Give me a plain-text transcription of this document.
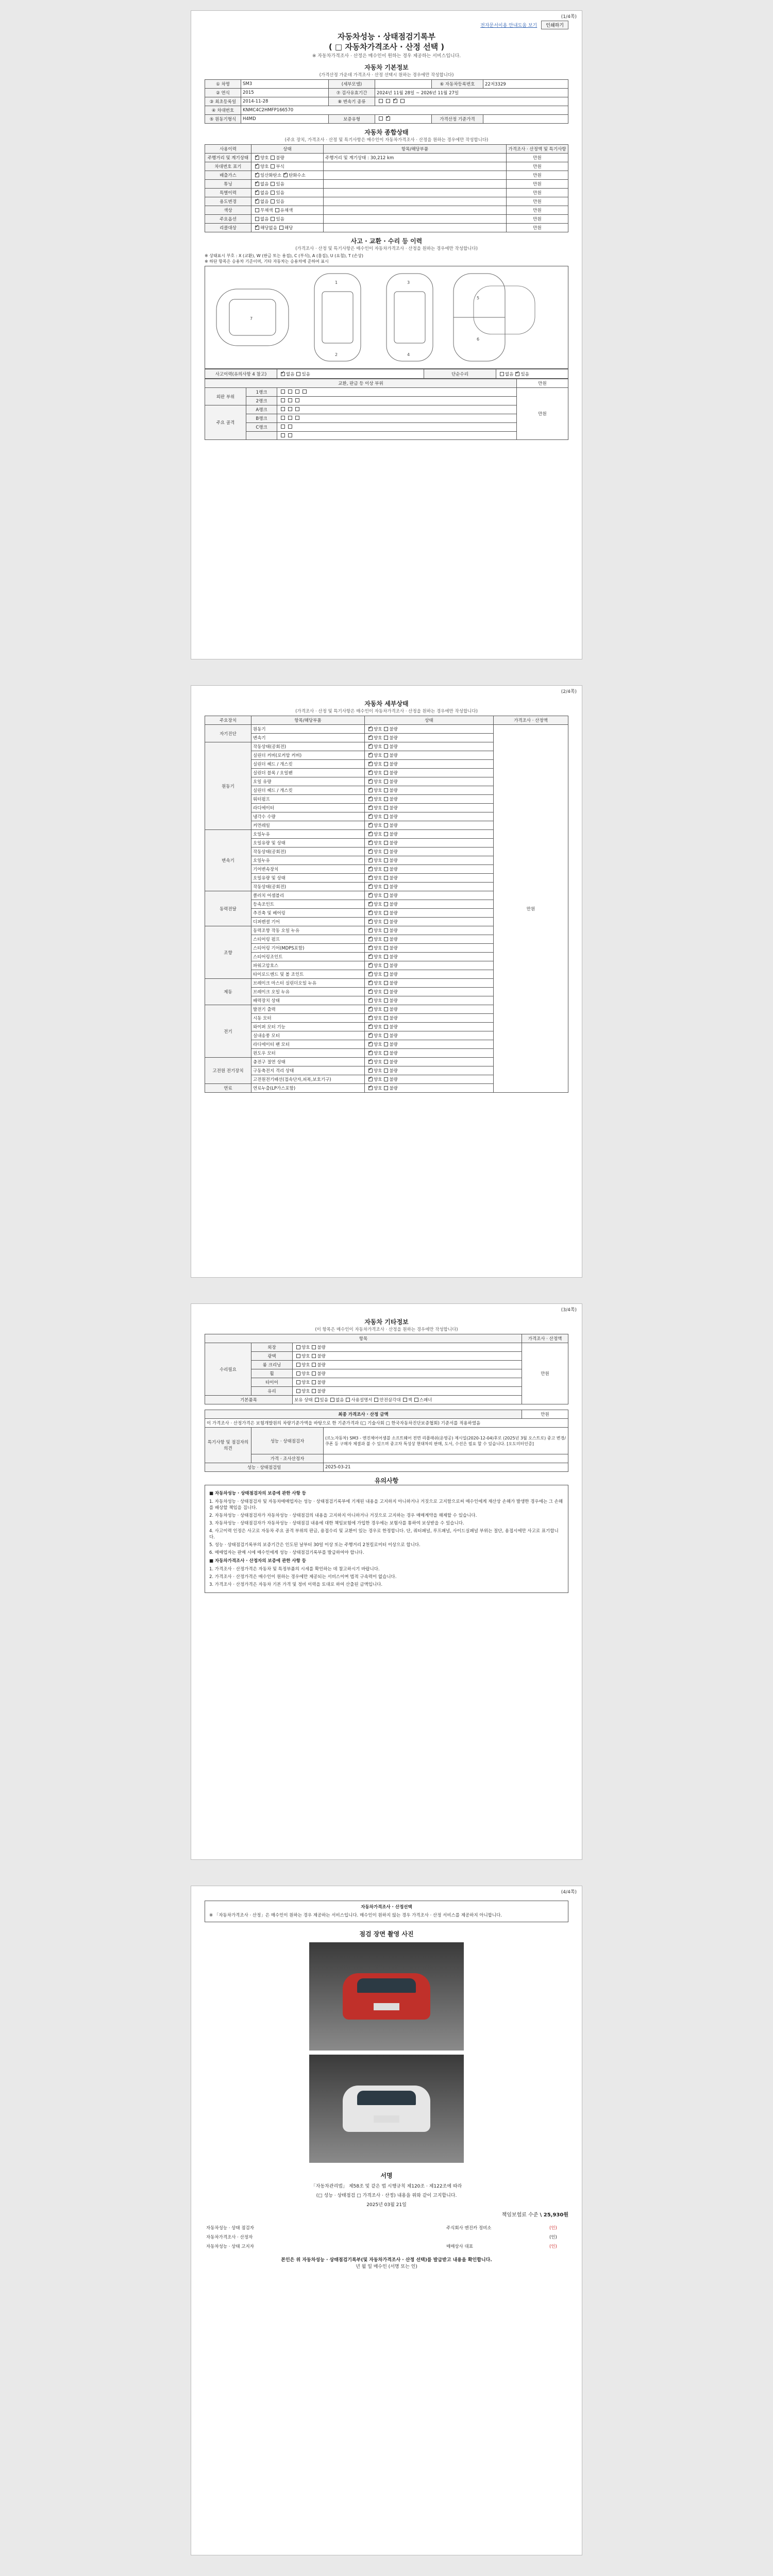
(1/4쪽)
전자문서이용 안내도움 보기	인쇄하기
자동차성능 · 상태점검기록부
( □ 자동차가격조사 · 산정 선택 )
※ 자동차가격조사 · 산정은 매수인이 원하는 경우 제공하는 서비스입니다.
자동차 기본정보
(가격산정 가운데 가격조사 · 산정 선택시 원하는 경우에만 작성합니다)
① 차명	SM3	(세부모델)		⑥ 자동차등록번호	22저3329
② 연식	2015	⑦ 검사유효기간	2024년 11월 28일 ~ 2026년 11월 27일		
③ 최초등록일	2014-11-28	⑧ 변속기 종류	✓
④ 차대번호	KNMC4C2HMFP166570				
⑤ 원동기형식	H4MD	보증유형	✓	가격산정 기준가격	
자동차 종합상태
(주요 장치, 가격조사 · 산정 및 특기사항은 매수인이 자동차가격조사 · 산정을 원하는 경우에만 작성합니다)
사용이력	상태	항목/해당부품	가격조사 · 산정액 및 특기사항
주행거리 및 계기상태	✓양호 불량	주행거리 및 계기상태 : 30,212 km	만원
차대번호 표기	✓양호 부식		만원
배출가스	✓일산화탄소 ✓ 탄화수소		만원
튜닝	✓없음 있음		만원
특별이력	✓없음 있음		만원
용도변경	✓없음 있음		만원
색상	무채색 유채색		만원
주요옵션	없음 있음		만원
리콜대상	✓해당없음 해당		만원
사고 · 교환 · 수리 등 이력
(가격조사 · 산정 및 특기사항은 매수인이 자동차가격조사 · 산정을 원하는 경우에만 작성합니다)
※ 상태표시 부호 : X (교환), W (판금 또는 용접), C (부식), A (흠집), U (요철), T (손상)
※ 하단 항목은 승용차 기준이며, 기타 자동차는 승용차에 준하여 표시
1
2
3
4
5
6
7
사고이력(유의사항 4 참고)	✓없음 있음	단순수리	없음 ✓ 있음
교환, 판금 등 이상 부위			만원
외판 부위	1랭크		만원
	2랭크		
주요 골격	A랭크		
	B랭크		
	C랭크		

(2/4쪽)
자동차 세부상태
(가격조사 · 산정 및 특기사항은 매수인이 자동차가격조사 · 산정을 원하는 경우에만 작성합니다)
주요장치	항목/해당부품	상태	가격조사 · 산정액
자기진단	원동기	✓양호 불량	만원
	변속기	✓양호 불량
원동기	작동상태(공회전)	✓양호 불량
	실린더 커버(로커암 커버)	✓양호 불량
	실린더 헤드 / 개스킷	✓양호 불량
	실린더 블록 / 오일팬	✓양호 불량
	오일 유량	✓양호 불량
	실린더 헤드 / 개스킷	✓양호 불량
	워터펌프	✓양호 불량
	라디에이터	✓양호 불량
	냉각수 수량	✓양호 불량
	커먼레일	✓양호 불량
변속기	오일누유	✓양호 불량
	오일유량 및 상태	✓양호 불량
	작동상태(공회전)	✓양호 불량
	오일누유	✓양호 불량
	기어변속장치	✓양호 불량
	오일유량 및 상태	✓양호 불량
	작동상태(공회전)	✓양호 불량
동력전달	클러치 어셈블리	✓양호 불량
	등속조인트	✓양호 불량
	추진축 및 베어링	✓양호 불량
	디퍼렌셜 기어	✓양호 불량
조향	동력조향 작동 오일 누유	✓양호 불량
	스티어링 펌프	✓양호 불량
	스티어링 기어(MDPS포함)	✓양호 불량
	스티어링조인트	✓양호 불량
	파워고압호스	✓양호 불량
	타이로드엔드 및 볼 조인트	✓양호 불량
제동	브레이크 마스터 실린더오일 누유	✓양호 불량
	브레이크 오일 누유	✓양호 불량
	배력장치 상태	✓양호 불량
전기	발전기 출력	✓양호 불량
	시동 모터	✓양호 불량
	와이퍼 모터 기능	✓양호 불량
	실내송풍 모터	✓양호 불량
	라디에이터 팬 모터	✓양호 불량
	윈도우 모터	✓양호 불량
고전원 전기장치	충전구 절연 상태	✓양호 불량
	구동축전지 격리 상태	✓양호 불량
	고전원전기배선(접속단자,피복,보호기구)	✓양호 불량
연료	연료누출(LP가스포함)	✓양호 불량
(3/4쪽)
자동차 기타정보
(이 항목은 매수인이 자동차가격조사 · 산정을 원하는 경우에만 작성합니다)
항목			가격조사 · 산정액
수리필요	외장	양호 불량	만원
	광택	양호 불량	
	룸 크리닝	양호 불량	
	휠	양호 불량	
	타이어	양호 불량	
	유리	양호 불량	
기본품목		보유 상태 있음 없음 사용설명서 안전삼각대 잭 스패너	
최종 가격조사 · 산정 금액			만원
이 가격조사 · 산정가격은 보험개발원의 차량기준가액을 바탕으로 한 기준가격과 (□ 기술사회 □ 한국자동차진단보증협회) 기준서를 적용하였음			
특기사항 및 점검자의 의견	성능 · 상태점검자	(르노자동차) SM3 - 엔진체어어셈블 소프트웨어 전면 리플래쉬(운영공) 제시일(2020-12-04)후로 (2025년 3월 오스트로) 중고 변경/쿠폰 등 구매자 체결과 불 수 있으며 중고차 특성상 현대차의 판매, 도서, 수선은 필요 할 수 있습니다. [오도미터인증]	
	가격 · 조사산정자		
성능 · 상태점검일		2025-03-21	
유의사항
■ 자동차성능 · 상태점검자의 보증에 관한 사항 등

1. 자동차성능 · 상태점검자 및 자동차매매업자는 성능 · 상태점검기록부에 기재된 내용을 고지하지 아니하거나 거짓으로 고지함으로써 매수인에게 재산상 손해가 발생한 경우에는 그 손해를 배상할 책임을 집니다.

2. 자동차성능 · 상태점검자가 자동차성능 · 상태점검의 내용을 고지하지 아니하거나 거짓으로 고지하는 경우 매매계약을 해제할 수 있습니다.

3. 자동차성능 · 상태점검자가 자동차성능 · 상태점검 내용에 대한 책임보험에 가입한 경우에는 보험사를 통하여 보상받을 수 있습니다.

4. 사고이력 인정은 사고로 자동차 주요 골격 부위의 판금, 용접수리 및 교환이 있는 경우로 한정합니다. 단, 쿼터패널, 루프패널, 사이드실패널 부위는 절단, 용접시에만 사고로 표기합니다.

5. 성능 · 상태점검기록부의 보증기간은 인도된 날부터 30일 이상 또는 주행거리 2천킬로미터 이상으로 합니다.

6. 매매업자는 판매 시에 매수인에게 성능 · 상태점검기록부를 발급하여야 합니다.

■ 자동차가격조사 · 산정자의 보증에 관한 사항 등

1. 가격조사 · 산정가격은 자동차 및 특정부품의 시세를 확인하는 데 참고하시기 바랍니다.

2. 가격조사 · 산정가격은 매수인이 원하는 경우에만 제공되는 서비스이며 법적 구속력이 없습니다.

3. 가격조사 · 산정가격은 자동차 기본 가격 및 정비 이력을 토대로 하여 산출된 금액입니다.

(4/4쪽)
자동차가격조사 · 산정선택
※ 「자동차가격조사 · 산정」은 매수인이 원하는 경우 제공하는 서비스입니다. 매수인이 원하지 않는 경우 가격조사 · 산정 서비스를 제공하지 아니합니다.
점검 장면 촬영 사진
서명
「자동차관리법」 제58조 및 같은 법 시행규칙 제120조 · 제122조에 따라
(□ 성능 · 상태점검 □ 가격조사 · 산정) 내용을 위와 같이 고지합니다.
2025년 03월 21일
책임보험료 수준 \ 25,930원
자동차성능 · 상태 점검자		주식회사 엔진카 정비소	(인)
자동차가격조사 · 산정자			(인)
자동차성능 · 상태 고지자		매매상사 대표	(인)
본인은 위 자동차성능 · 상태점검기록부(및 자동차가격조사 · 산정 선택)를 발급받고 내용을 확인합니다.
년 월 일 매수인 (서명 또는 인)
